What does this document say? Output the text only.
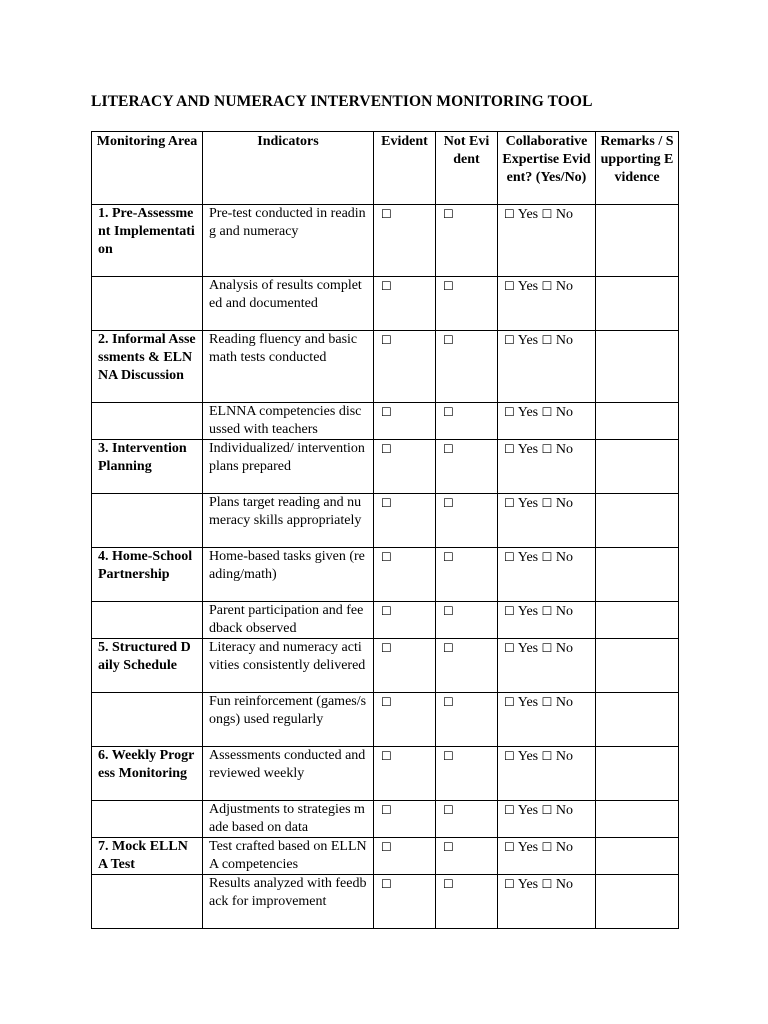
LITERACY AND NUMERACY INTERVENTION MONITORING TOOL
Monitoring Area	Indicators	Evident	Not Evident	Collaborative Expertise Evident? (Yes/No)	Remarks / Supporting Evidence
1. Pre-Assessment Implementation	Pre-test conducted in reading and numeracy	☐	☐	☐ Yes ☐ No	
	Analysis of results completed and documented	☐	☐	☐ Yes ☐ No	
2. Informal Assessments & ELNNA Discussion	Reading fluency and basic math tests conducted	☐	☐	☐ Yes ☐ No	
	ELNNA competencies discussed with teachers	☐	☐	☐ Yes ☐ No	
3. Intervention Planning	Individualized/ intervention plans prepared	☐	☐	☐ Yes ☐ No	
	Plans target reading and numeracy skills appropriately	☐	☐	☐ Yes ☐ No	
4. Home-School Partnership	Home-based tasks given (reading/math)	☐	☐	☐ Yes ☐ No	
	Parent participation and feedback observed	☐	☐	☐ Yes ☐ No	
5. Structured Daily Schedule	Literacy and numeracy activities consistently delivered	☐	☐	☐ Yes ☐ No	
	Fun reinforcement (games/songs) used regularly	☐	☐	☐ Yes ☐ No	
6. Weekly Progress Monitoring	Assessments conducted and reviewed weekly	☐	☐	☐ Yes ☐ No	
	Adjustments to strategies made based on data	☐	☐	☐ Yes ☐ No	
7. Mock ELLNA Test	Test crafted based on ELLNA competencies	☐	☐	☐ Yes ☐ No	
	Results analyzed with feedback for improvement	☐	☐	☐ Yes ☐ No	
